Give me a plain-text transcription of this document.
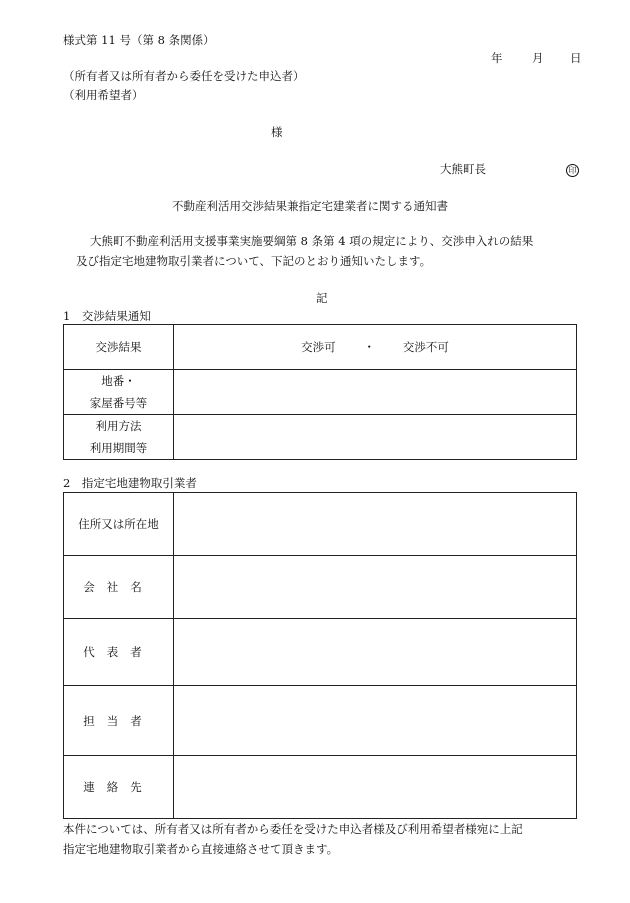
様式第 11 号（第 8 条関係）
年	月 日
（所有者又は所有者から委任を受けた申込者）
（利用希望者）
様
大熊町長	印
不動産利活用交渉結果兼指定宅建業者に関する通知書
大熊町不動産利活用支援事業実施要綱第 8 条第 4 項の規定により、交渉申入れの結果
及び指定宅地建物取引業者について、下記のとおり通知いたします。
記
1　交渉結果通知
交渉結果	交渉可 ・ 交渉不可

地番・
家屋番号等	

利用方法
利用期間等	

2　指定宅地建物取引業者
住所又は所在地	
会社名	
代表者	
担当者	
連絡先	
本件については、所有者又は所有者から委任を受けた申込者様及び利用希望者様宛に上記
指定宅地建物取引業者から直接連絡させて頂きます。
